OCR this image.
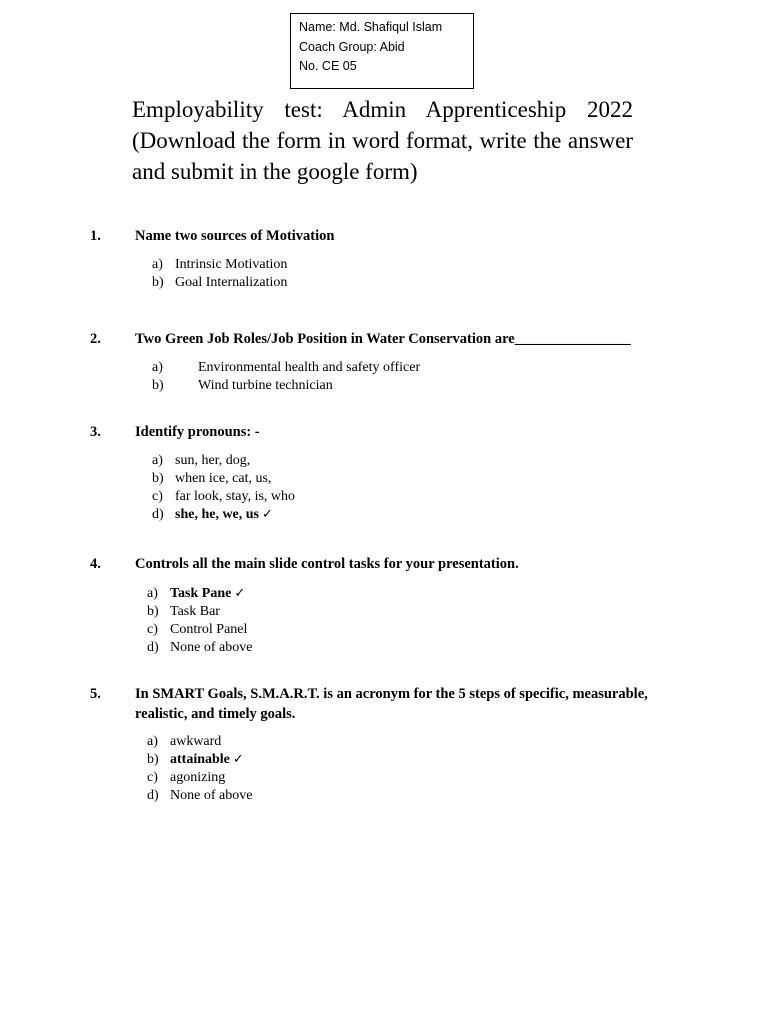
Name: Md. Shafiqul Islam
Coach Group: Abid
No. CE 05
Employability test: Admin Apprenticeship 2022 (Download the form in word format, write the answer and submit in the google form)
1. Name two sources of Motivation
a) Intrinsic Motivation
b) Goal Internalization
2. Two Green Job Roles/Job Position in Water Conservation are________________
a)	Environmental health and safety officer
b) Wind turbine technician
3. Identify pronouns: -
a) sun, her, dog,
b) when ice, cat, us,
c) far look, stay, is, who
d) she, he, we, us ✓
4. Controls all the main slide control tasks for your presentation.
a) Task Pane ✓
b) Task Bar
c) Control Panel
d) None of above
5. In SMART Goals, S.M.A.R.T. is an acronym for the 5 steps of specific, measurable, realistic, and timely goals.
a) awkward
b) attainable ✓
c) agonizing
d) None of above
